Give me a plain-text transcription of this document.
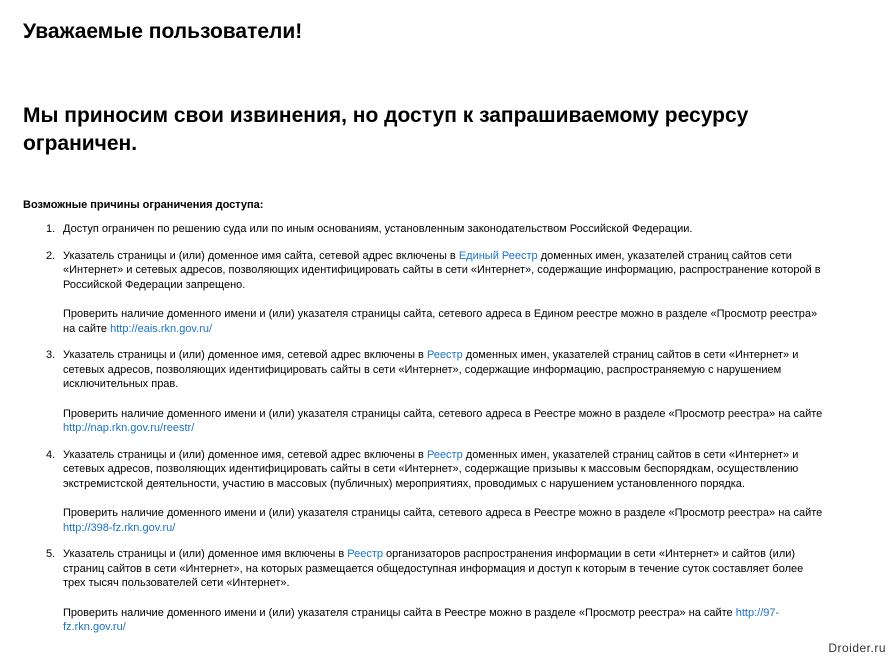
Уважаемые пользователи!
Мы приносим свои извинения, но доступ к запрашиваемому ресурсу ограничен.
Возможные причины ограничения доступа:
1. Доступ ограничен по решению суда или по иным основаниям, установленным законодательством Российской Федерации.

2. Указатель страницы и (или) доменное имя сайта, сетевой адрес включены в Единый Реестр доменных имен, указателей страниц сайтов сети «Интернет» и сетевых адресов, позволяющих идентифицировать сайты в сети «Интернет», содержащие информацию, распространение которой в Российской Федерации запрещено.

Проверить наличие доменного имени и (или) указателя страницы сайта, сетевого адреса в Едином реестре можно в разделе «Просмотр реестра» на сайте http://eais.rkn.gov.ru/

3. Указатель страницы и (или) доменное имя, сетевой адрес включены в Реестр доменных имен, указателей страниц сайтов в сети «Интернет» и сетевых адресов, позволяющих идентифицировать сайты в сети «Интернет», содержащие информацию, распространяемую с нарушением исключительных прав.

Проверить наличие доменного имени и (или) указателя страницы сайта, сетевого адреса в Реестре можно в разделе «Просмотр реестра» на сайте http://nap.rkn.gov.ru/reestr/

4. Указатель страницы и (или) доменное имя, сетевой адрес включены в Реестр доменных имен, указателей страниц сайтов в сети «Интернет» и сетевых адресов, позволяющих идентифицировать сайты в сети «Интернет», содержащие призывы к массовым беспорядкам, осуществлению экстремистской деятельности, участию в массовых (публичных) мероприятиях, проводимых с нарушением установленного порядка.

Проверить наличие доменного имени и (или) указателя страницы сайта, сетевого адреса в Реестре можно в разделе «Просмотр реестра» на сайте http://398-fz.rkn.gov.ru/

5. Указатель страницы и (или) доменное имя включены в Реестр организаторов распространения информации в сети «Интернет» и сайтов (или) страниц сайтов в сети «Интернет», на которых размещается общедоступная информация и доступ к которым в течение суток составляет более трех тысяч пользователей сети «Интернет».

Проверить наличие доменного имени и (или) указателя страницы сайта в Реестре можно в разделе «Просмотр реестра» на сайте http://97-fz.rkn.gov.ru/

Droider.ru
